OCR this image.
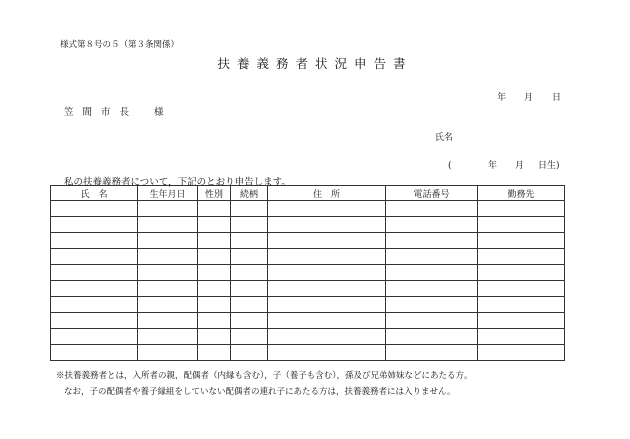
様式第８号の５（第３条関係）
扶養義務者状況申告書
年 月 日
笠間市長 様
氏名
(	年 月 日生)
私の扶養義務者について，下記のとおり申告します。
氏　名	生年月日	性別	続柄	住　所	電話番号	勤務先

※扶養義務者とは，入所者の親，配偶者（内縁も含む），子（養子も含む），孫及び兄弟姉妹などにあたる方。
なお，子の配偶者や養子縁組をしていない配偶者の連れ子にあたる方は，扶養義務者には入りません。
